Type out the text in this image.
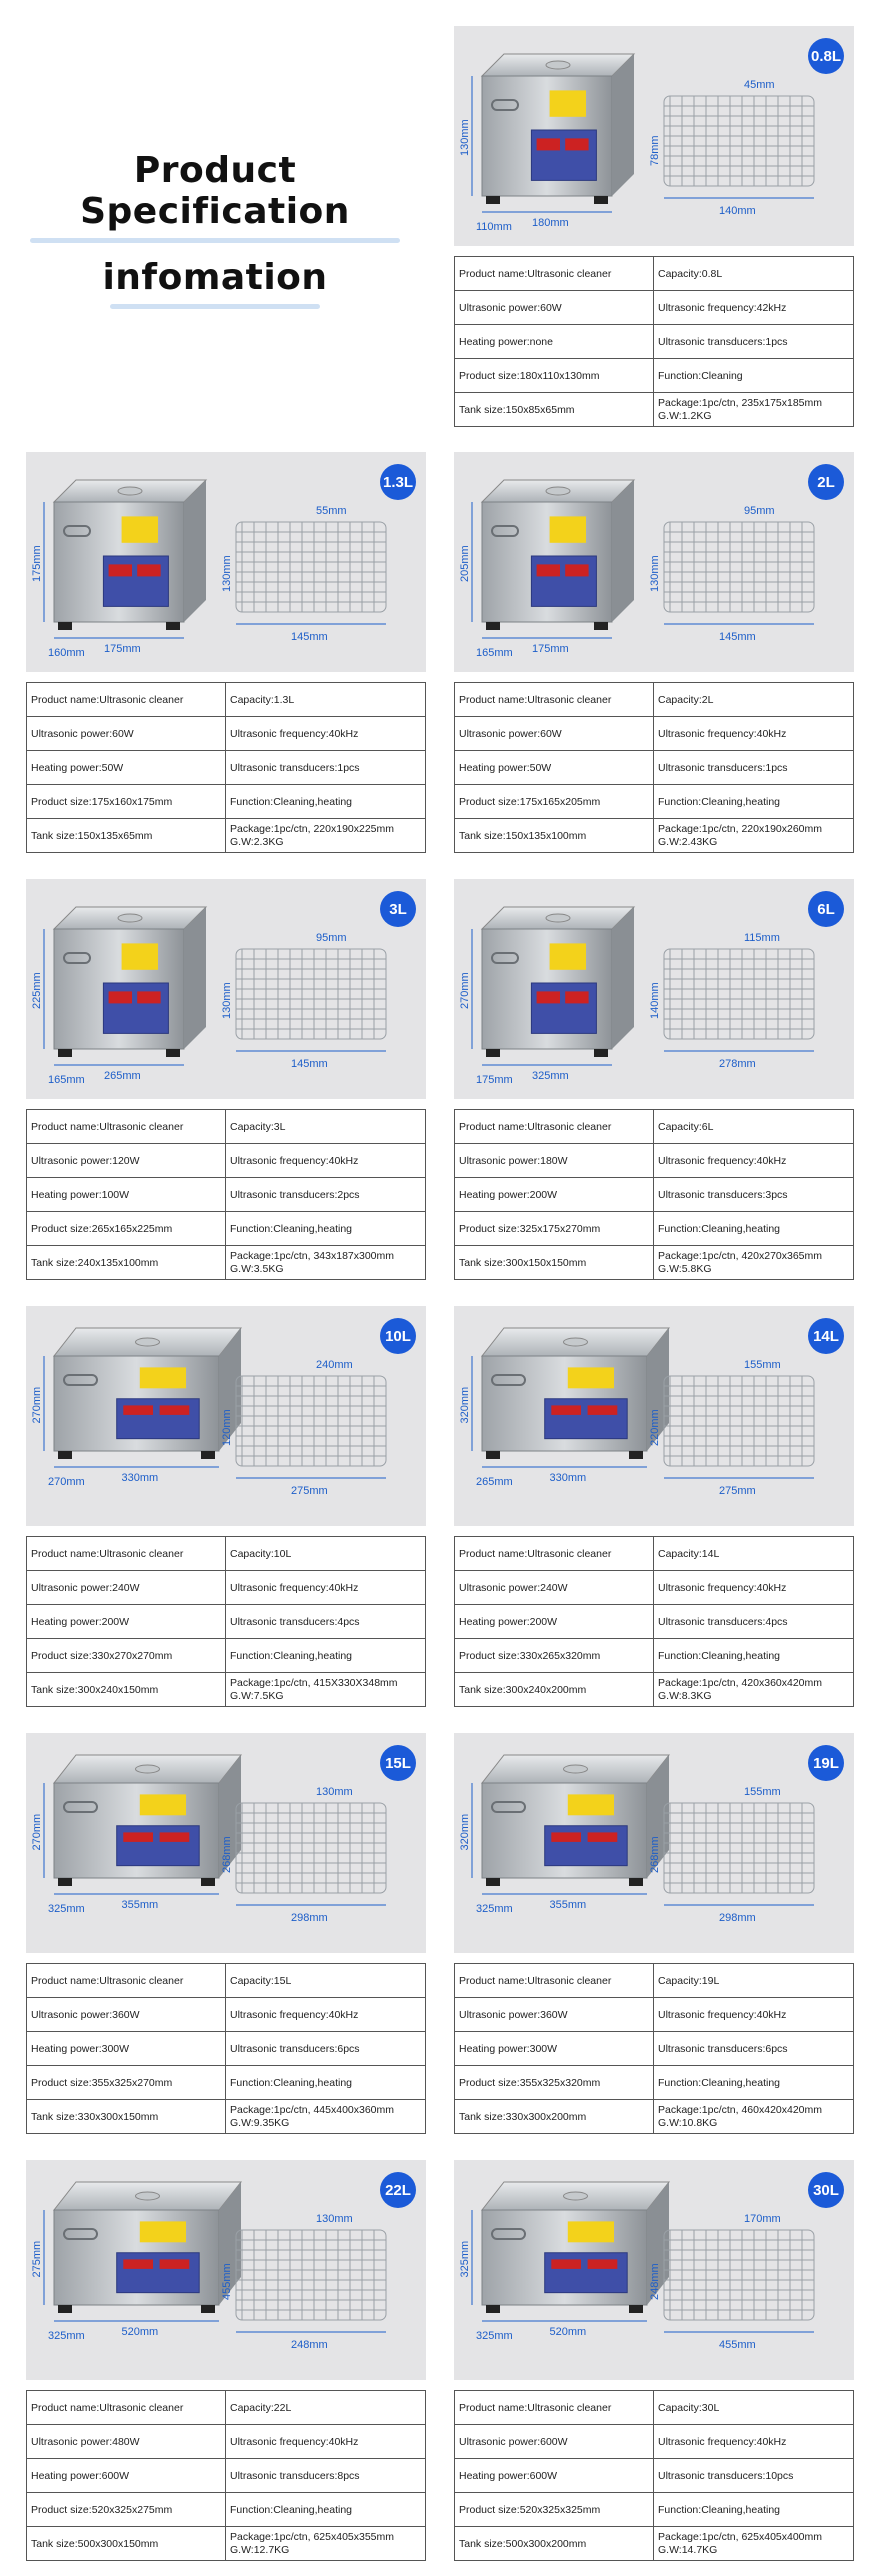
Product Specification
infomation
130mm
180mm
110mm
140mm
78mm
45mm
0.8L
Product name:Ultrasonic cleaner	Capacity:0.8L
Ultrasonic power:60W	Ultrasonic frequency:42kHz
Heating power:none	Ultrasonic transducers:1pcs
Product size:180x110x130mm	Function:Cleaning
Tank size:150x85x65mm	Package:1pc/ctn, 235x175x185mm G.W:1.2KG
175mm
175mm
160mm
145mm
130mm
55mm
1.3L
Product name:Ultrasonic cleaner	Capacity:1.3L
Ultrasonic power:60W	Ultrasonic frequency:40kHz
Heating power:50W	Ultrasonic transducers:1pcs
Product size:175x160x175mm	Function:Cleaning,heating
Tank size:150x135x65mm	Package:1pc/ctn, 220x190x225mm G.W:2.3KG
205mm
175mm
165mm
145mm
130mm
95mm
2L
Product name:Ultrasonic cleaner	Capacity:2L
Ultrasonic power:60W	Ultrasonic frequency:40kHz
Heating power:50W	Ultrasonic transducers:1pcs
Product size:175x165x205mm	Function:Cleaning,heating
Tank size:150x135x100mm	Package:1pc/ctn, 220x190x260mm G.W:2.43KG
225mm
265mm
165mm
145mm
130mm
95mm
3L
Product name:Ultrasonic cleaner	Capacity:3L
Ultrasonic power:120W	Ultrasonic frequency:40kHz
Heating power:100W	Ultrasonic transducers:2pcs
Product size:265x165x225mm	Function:Cleaning,heating
Tank size:240x135x100mm	Package:1pc/ctn, 343x187x300mm G.W:3.5KG
270mm
325mm
175mm
278mm
140mm
115mm
6L
Product name:Ultrasonic cleaner	Capacity:6L
Ultrasonic power:180W	Ultrasonic frequency:40kHz
Heating power:200W	Ultrasonic transducers:3pcs
Product size:325x175x270mm	Function:Cleaning,heating
Tank size:300x150x150mm	Package:1pc/ctn, 420x270x365mm G.W:5.8KG
270mm
330mm
270mm
275mm
120mm
240mm
10L
Product name:Ultrasonic cleaner	Capacity:10L
Ultrasonic power:240W	Ultrasonic frequency:40kHz
Heating power:200W	Ultrasonic transducers:4pcs
Product size:330x270x270mm	Function:Cleaning,heating
Tank size:300x240x150mm	Package:1pc/ctn, 415X330X348mm G.W:7.5KG
320mm
330mm
265mm
275mm
220mm
155mm
14L
Product name:Ultrasonic cleaner	Capacity:14L
Ultrasonic power:240W	Ultrasonic frequency:40kHz
Heating power:200W	Ultrasonic transducers:4pcs
Product size:330x265x320mm	Function:Cleaning,heating
Tank size:300x240x200mm	Package:1pc/ctn, 420x360x420mm G.W:8.3KG
270mm
355mm
325mm
298mm
268mm
130mm
15L
Product name:Ultrasonic cleaner	Capacity:15L
Ultrasonic power:360W	Ultrasonic frequency:40kHz
Heating power:300W	Ultrasonic transducers:6pcs
Product size:355x325x270mm	Function:Cleaning,heating
Tank size:330x300x150mm	Package:1pc/ctn, 445x400x360mm G.W:9.35KG
320mm
355mm
325mm
298mm
268mm
155mm
19L
Product name:Ultrasonic cleaner	Capacity:19L
Ultrasonic power:360W	Ultrasonic frequency:40kHz
Heating power:300W	Ultrasonic transducers:6pcs
Product size:355x325x320mm	Function:Cleaning,heating
Tank size:330x300x200mm	Package:1pc/ctn, 460x420x420mm G.W:10.8KG
275mm
520mm
325mm
248mm
455mm
130mm
22L
Product name:Ultrasonic cleaner	Capacity:22L
Ultrasonic power:480W	Ultrasonic frequency:40kHz
Heating power:600W	Ultrasonic transducers:8pcs
Product size:520x325x275mm	Function:Cleaning,heating
Tank size:500x300x150mm	Package:1pc/ctn, 625x405x355mm G.W:12.7KG
325mm
520mm
325mm
455mm
248mm
170mm
30L
Product name:Ultrasonic cleaner	Capacity:30L
Ultrasonic power:600W	Ultrasonic frequency:40kHz
Heating power:600W	Ultrasonic transducers:10pcs
Product size:520x325x325mm	Function:Cleaning,heating
Tank size:500x300x200mm	Package:1pc/ctn, 625x405x400mm G.W:14.7KG
